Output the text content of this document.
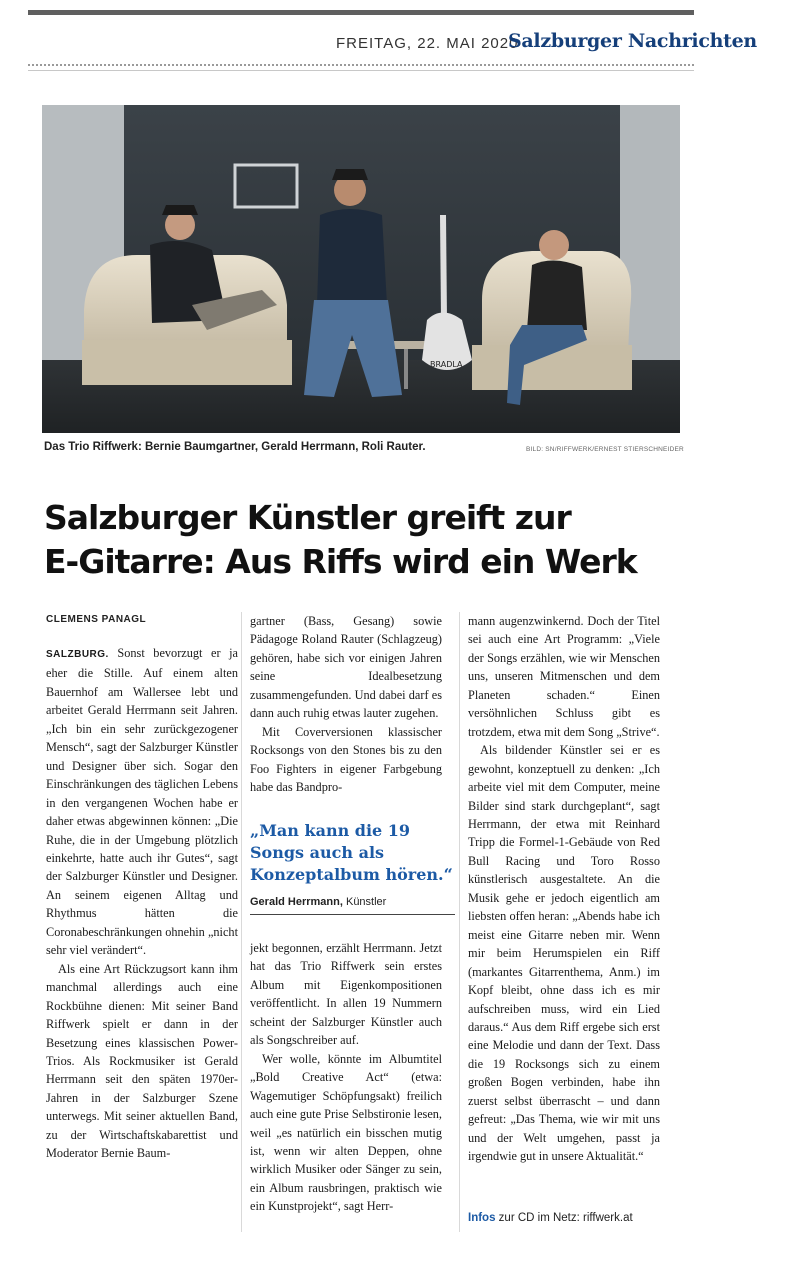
FREITAG, 22. MAI 2020
Salzburger Nachrichten
BRADLA
Das Trio Riffwerk: Bernie Baumgartner, Gerald Herrmann, Roli Rauter.	BILD: SN/RIFFWERK/ERNEST STIERSCHNEIDER
Salzburger Künstler greift zur
E-Gitarre: Aus Riffs wird ein Werk
CLEMENS PANAGL

SALZBURG. Sonst bevorzugt er ja eher die Stille. Auf einem alten Bauernhof am Wallersee lebt und arbeitet Gerald Herrmann seit Jahren. „Ich bin ein sehr zurückgezogener Mensch“, sagt der Salzburger Künstler und Designer über sich. Sogar den Einschränkungen des täglichen Lebens in den vergangenen Wochen habe er daher etwas abgewinnen können: „Die Ruhe, die in der Umgebung plötzlich einkehrte, hatte auch ihr Gutes“, sagt der Salzburger Künstler und Designer. An seinem eigenen Alltag und Rhythmus hätten die Coronabeschränkungen ohnehin „nicht sehr viel verändert“.

Als eine Art Rückzugsort kann ihm manchmal allerdings auch eine Rockbühne dienen: Mit seiner Band Riffwerk spielt er dann in der Besetzung eines klassischen Power-Trios. Als Rockmusiker ist Gerald Herrmann seit den späten 1970er-Jahren in der Salzburger Szene unterwegs. Mit seiner aktuellen Band, zu der Wirtschaftskabarettist und Moderator Bernie Baum-

gartner (Bass, Gesang) sowie Pädagoge Roland Rauter (Schlagzeug) gehören, habe sich vor einigen Jahren seine Idealbesetzung zusammengefunden. Und dabei darf es dann auch ruhig etwas lauter zugehen.

Mit Coverversionen klassischer Rocksongs von den Stones bis zu den Foo Fighters in eigener Farbgebung habe das Bandpro-

„Man kann die 19 Songs auch als Konzeptalbum hören.“

Gerald Herrmann, Künstler

jekt begonnen, erzählt Herrmann. Jetzt hat das Trio Riffwerk sein erstes Album mit Eigenkompositionen veröffentlicht. In allen 19 Nummern scheint der Salzburger Künstler auch als Songschreiber auf.

Wer wolle, könnte im Albumtitel „Bold Creative Act“ (etwa: Wagemutiger Schöpfungsakt) freilich auch eine gute Prise Selbstironie lesen, weil „es natürlich ein bisschen mutig ist, wenn wir alten Deppen, ohne wirklich Musiker oder Sänger zu sein, ein Album rausbringen, praktisch wie ein Kunstprojekt“, sagt Herr-

mann augenzwinkernd. Doch der Titel sei auch eine Art Programm: „Viele der Songs erzählen, wie wir Menschen uns, unseren Mitmenschen und dem Planeten schaden.“ Einen versöhnlichen Schluss gibt es trotzdem, etwa mit dem Song „Strive“.

Als bildender Künstler sei er es gewohnt, konzeptuell zu denken: „Ich arbeite viel mit dem Computer, meine Bilder sind stark durchgeplant“, sagt Herrmann, der etwa mit Reinhard Tripp die Formel-1-Gebäude von Red Bull Racing und Toro Rosso künstlerisch ausgestaltete. An die Musik gehe er jedoch eigentlich am liebsten offen heran: „Abends habe ich meist eine Gitarre neben mir. Wenn mir beim Herumspielen ein Riff (markantes Gitarrenthema, Anm.) im Kopf bleibt, ohne dass ich es mir aufschreiben muss, wird ein Lied daraus.“ Aus dem Riff ergebe sich erst eine Melodie und dann der Text. Dass die 19 Rocksongs sich zu einem großen Bogen verbinden, habe ihn zuerst selbst überrascht – und dann gefreut: „Das Thema, wie wir mit uns und der Welt umgehen, passt ja irgendwie gut in unsere Aktualität.“

Infos zur CD im Netz: riffwerk.at
